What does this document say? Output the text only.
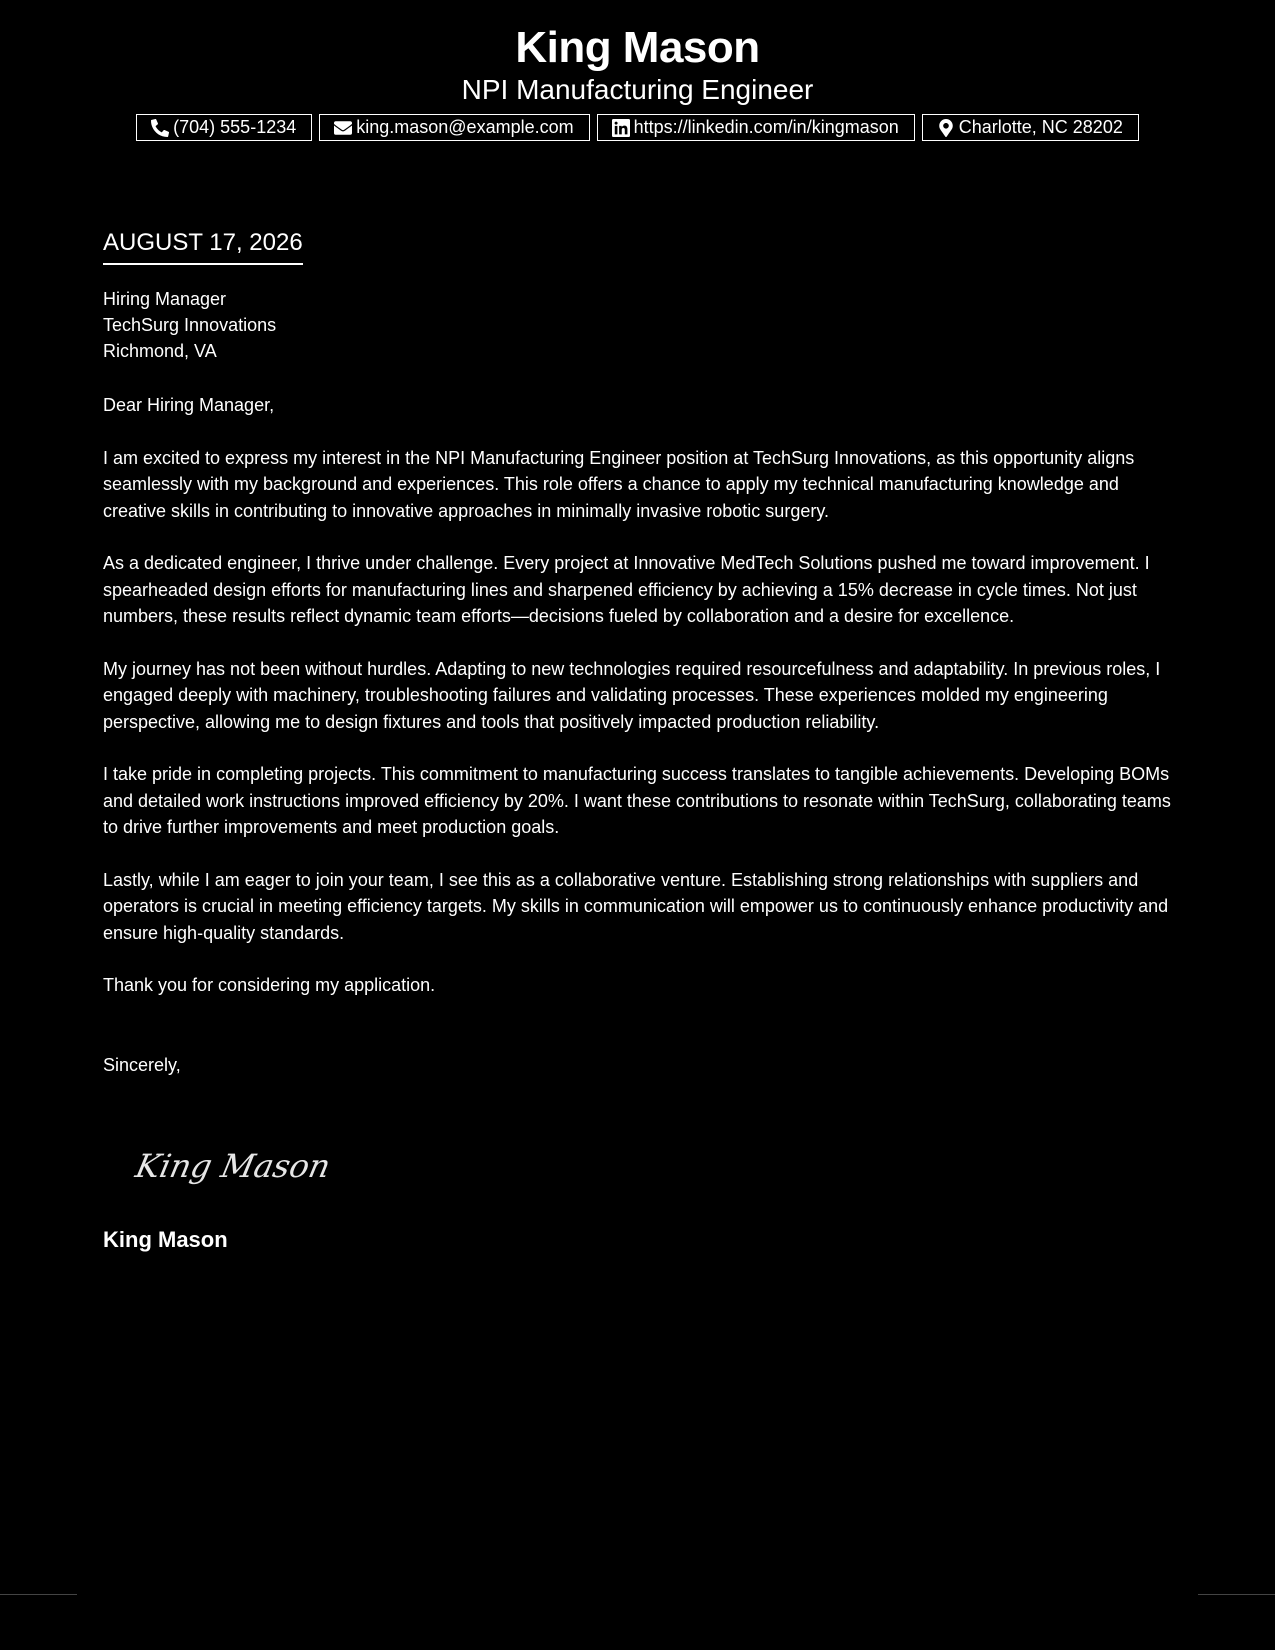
King Mason
NPI Manufacturing Engineer
(704) 555-1234	king.mason@example.com	https://linkedin.com/in/kingmason	Charlotte, NC 28202
AUGUST 17, 2026
Hiring Manager
TechSurg Innovations
Richmond, VA
Dear Hiring Manager,

I am excited to express my interest in the NPI Manufacturing Engineer position at TechSurg Innovations, as this opportunity aligns seamlessly with my background and experiences. This role offers a chance to apply my technical manufacturing knowledge and creative skills in contributing to innovative approaches in minimally invasive robotic surgery.

As a dedicated engineer, I thrive under challenge. Every project at Innovative MedTech Solutions pushed me toward improvement. I spearheaded design efforts for manufacturing lines and sharpened efficiency by achieving a 15% decrease in cycle times. Not just numbers, these results reflect dynamic team efforts—decisions fueled by collaboration and a desire for excellence.

My journey has not been without hurdles. Adapting to new technologies required resourcefulness and adaptability. In previous roles, I engaged deeply with machinery, troubleshooting failures and validating processes. These experiences molded my engineering perspective, allowing me to design fixtures and tools that positively impacted production reliability.

I take pride in completing projects. This commitment to manufacturing success translates to tangible achievements. Developing BOMs and detailed work instructions improved efficiency by 20%. I want these contributions to resonate within TechSurg, collaborating teams to drive further improvements and meet production goals.

Lastly, while I am eager to join your team, I see this as a collaborative venture. Establishing strong relationships with suppliers and operators is crucial in meeting efficiency targets. My skills in communication will empower us to continuously enhance productivity and ensure high-quality standards.

Thank you for considering my application.

Sincerely,
King Mason
King Mason
